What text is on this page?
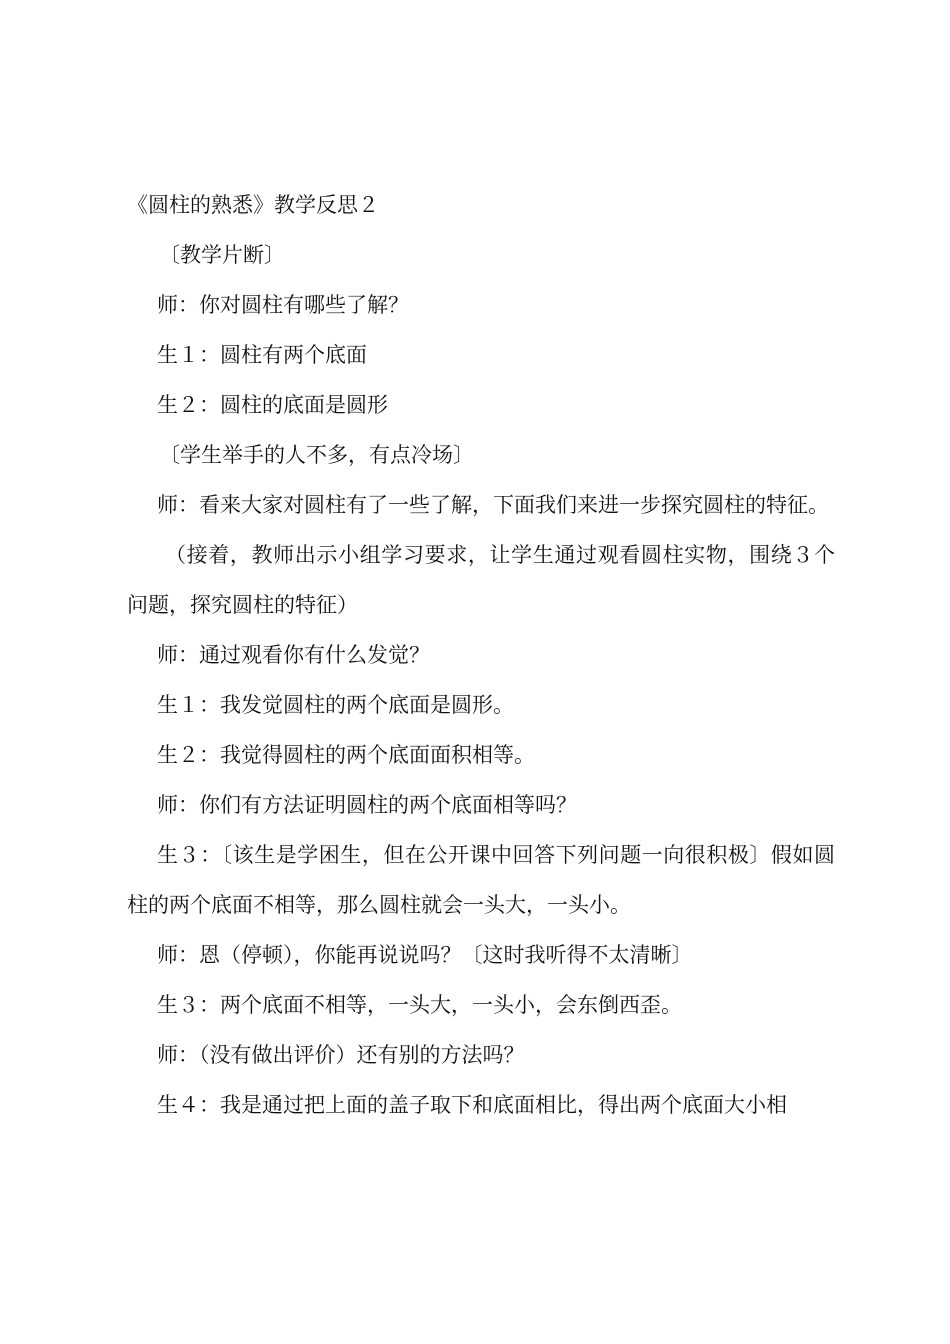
《圆柱的熟悉》教学反思２
〔教学片断〕
师：你对圆柱有哪些了解？
生１：圆柱有两个底面
生２：圆柱的底面是圆形
〔学生举手的人不多，有点冷场〕
师：看来大家对圆柱有了一些了解，下面我们来进一步探究圆柱的特征。
（接着，教师出示小组学习要求，让学生通过观看圆柱实物，围绕３个问题，探究圆柱的特征）
师：通过观看你有什么发觉？
生１：我发觉圆柱的两个底面是圆形。
生２：我觉得圆柱的两个底面面积相等。
师：你们有方法证明圆柱的两个底面相等吗？
生３：〔该生是学困生，但在公开课中回答下列问题一向很积极〕假如圆柱的两个底面不相等，那么圆柱就会一头大，一头小。
师：恩（停顿），你能再说说吗？〔这时我听得不太清晰〕
生３：两个底面不相等，一头大，一头小，会东倒西歪。
师：（没有做出评价）还有别的方法吗？
生４：我是通过把上面的盖子取下和底面相比，得出两个底面大小相
